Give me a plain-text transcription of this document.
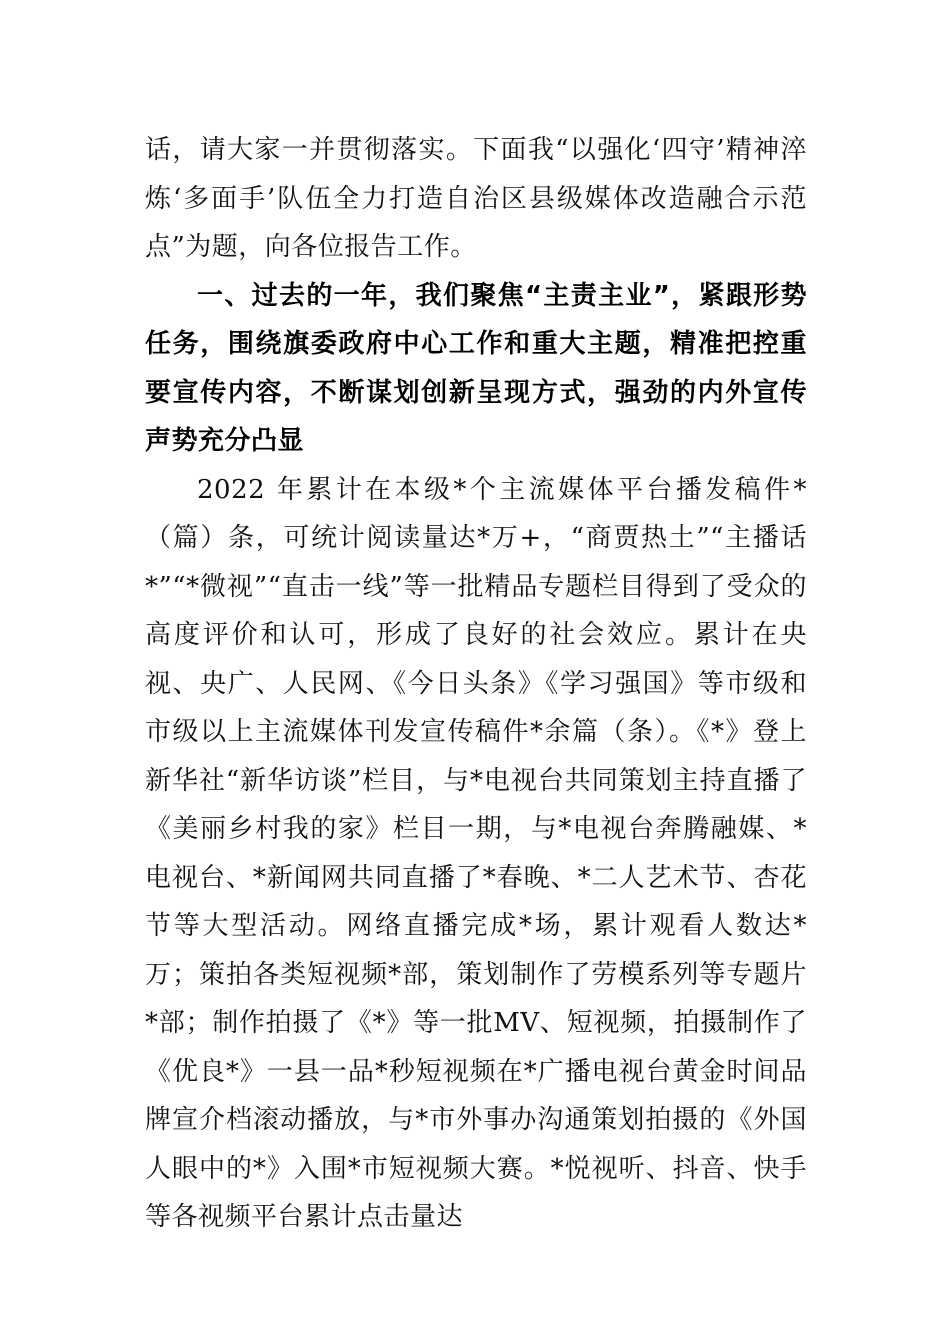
话，请大家一并贯彻落实。下面我“以强化‘四守’精神淬炼‘多面手’队伍全力打造自治区县级媒体改造融合示范点”为题，向各位报告工作。

一、过去的一年，我们聚焦“主责主业”，紧跟形势任务，围绕旗委政府中心工作和重大主题，精准把控重要宣传内容，不断谋划创新呈现方式，强劲的内外宣传声势充分凸显

2022 年累计在本级*个主流媒体平台播发稿件*（篇）条，可统计阅读量达*万+，“商贾热土”“主播话*”“*微视”“直击一线”等一批精品专题栏目得到了受众的高度评价和认可，形成了良好的社会效应。累计在央视、央广、人民网、《今日头条》《学习强国》等市级和市级以上主流媒体刊发宣传稿件*余篇（条）。《*》登上新华社“新华访谈”栏目，与*电视台共同策划主持直播了《美丽乡村我的家》栏目一期，与*电视台奔腾融媒、*电视台、*新闻网共同直播了*春晚、*二人艺术节、杏花节等大型活动。网络直播完成*场，累计观看人数达*万；策拍各类短视频*部，策划制作了劳模系列等专题片*部；制作拍摄了《*》等一批MV、短视频，拍摄制作了《优良*》一县一品*秒短视频在*广播电视台黄金时间品牌宣介档滚动播放，与*市外事办沟通策划拍摄的《外国人眼中的*》入围*市短视频大赛。*悦视听、抖音、快手等各视频平台累计点击量达
